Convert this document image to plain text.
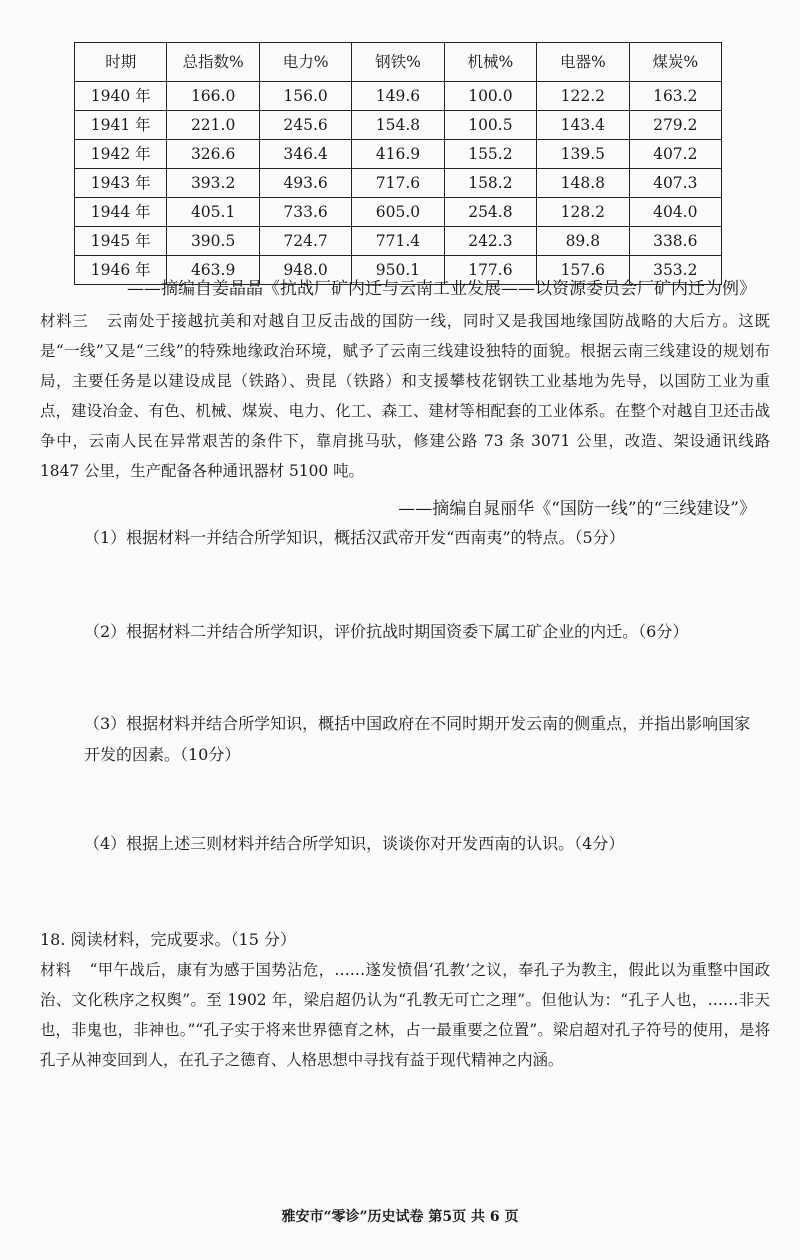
时期	总指数%	电力%	钢铁%	机械%	电器%	煤炭%
1940 年	166.0	156.0	149.6	100.0	122.2	163.2
1941 年	221.0	245.6	154.8	100.5	143.4	279.2
1942 年	326.6	346.4	416.9	155.2	139.5	407.2
1943 年	393.2	493.6	717.6	158.2	148.8	407.3
1944 年	405.1	733.6	605.0	254.8	128.2	404.0
1945 年	390.5	724.7	771.4	242.3	89.8	338.6
1946 年	463.9	948.0	950.1	177.6	157.6	353.2
——摘编自姜晶晶《抗战厂矿内迁与云南工业发展——以资源委员会厂矿内迁为例》
材料三 云南处于接越抗美和对越自卫反击战的国防一线，同时又是我国地缘国防战略的大后方。这既是“一线”又是“三线”的特殊地缘政治环境，赋予了云南三线建设独特的面貌。根据云南三线建设的规划布局，主要任务是以建设成昆（铁路）、贵昆（铁路）和支援攀枝花钢铁工业基地为先导，以国防工业为重点，建设冶金、有色、机械、煤炭、电力、化工、森工、建材等相配套的工业体系。在整个对越自卫还击战争中，云南人民在异常艰苦的条件下，靠肩挑马驮，修建公路 73 条 3071 公里，改造、架设通讯线路 1847 公里，生产配备各种通讯器材 5100 吨。
——摘编自晁丽华《“国防一线”的“三线建设”》
（1）根据材料一并结合所学知识，概括汉武帝开发“西南夷”的特点。（5分）
（2）根据材料二并结合所学知识，评价抗战时期国资委下属工矿企业的内迁。（6分）
（3）根据材料并结合所学知识，概括中国政府在不同时期开发云南的侧重点，并指出影响国家开发的因素。（10分）
（4）根据上述三则材料并结合所学知识，谈谈你对开发西南的认识。（4分）
18. 阅读材料，完成要求。（15 分）
材料 “甲午战后，康有为感于国势沾危，……遂发愤倡‘孔教’之议，奉孔子为教主，假此以为重整中国政治、文化秩序之权舆”。至 1902 年，梁启超仍认为“孔教无可亡之理”。但他认为：“孔子人也，……非天也，非鬼也，非神也。”“孔子实于将来世界德育之林，占一最重要之位置”。梁启超对孔子符号的使用，是将孔子从神变回到人，在孔子之德育、人格思想中寻找有益于现代精神之内涵。
雅安市“零诊”历史试卷 第5页 共 6 页
